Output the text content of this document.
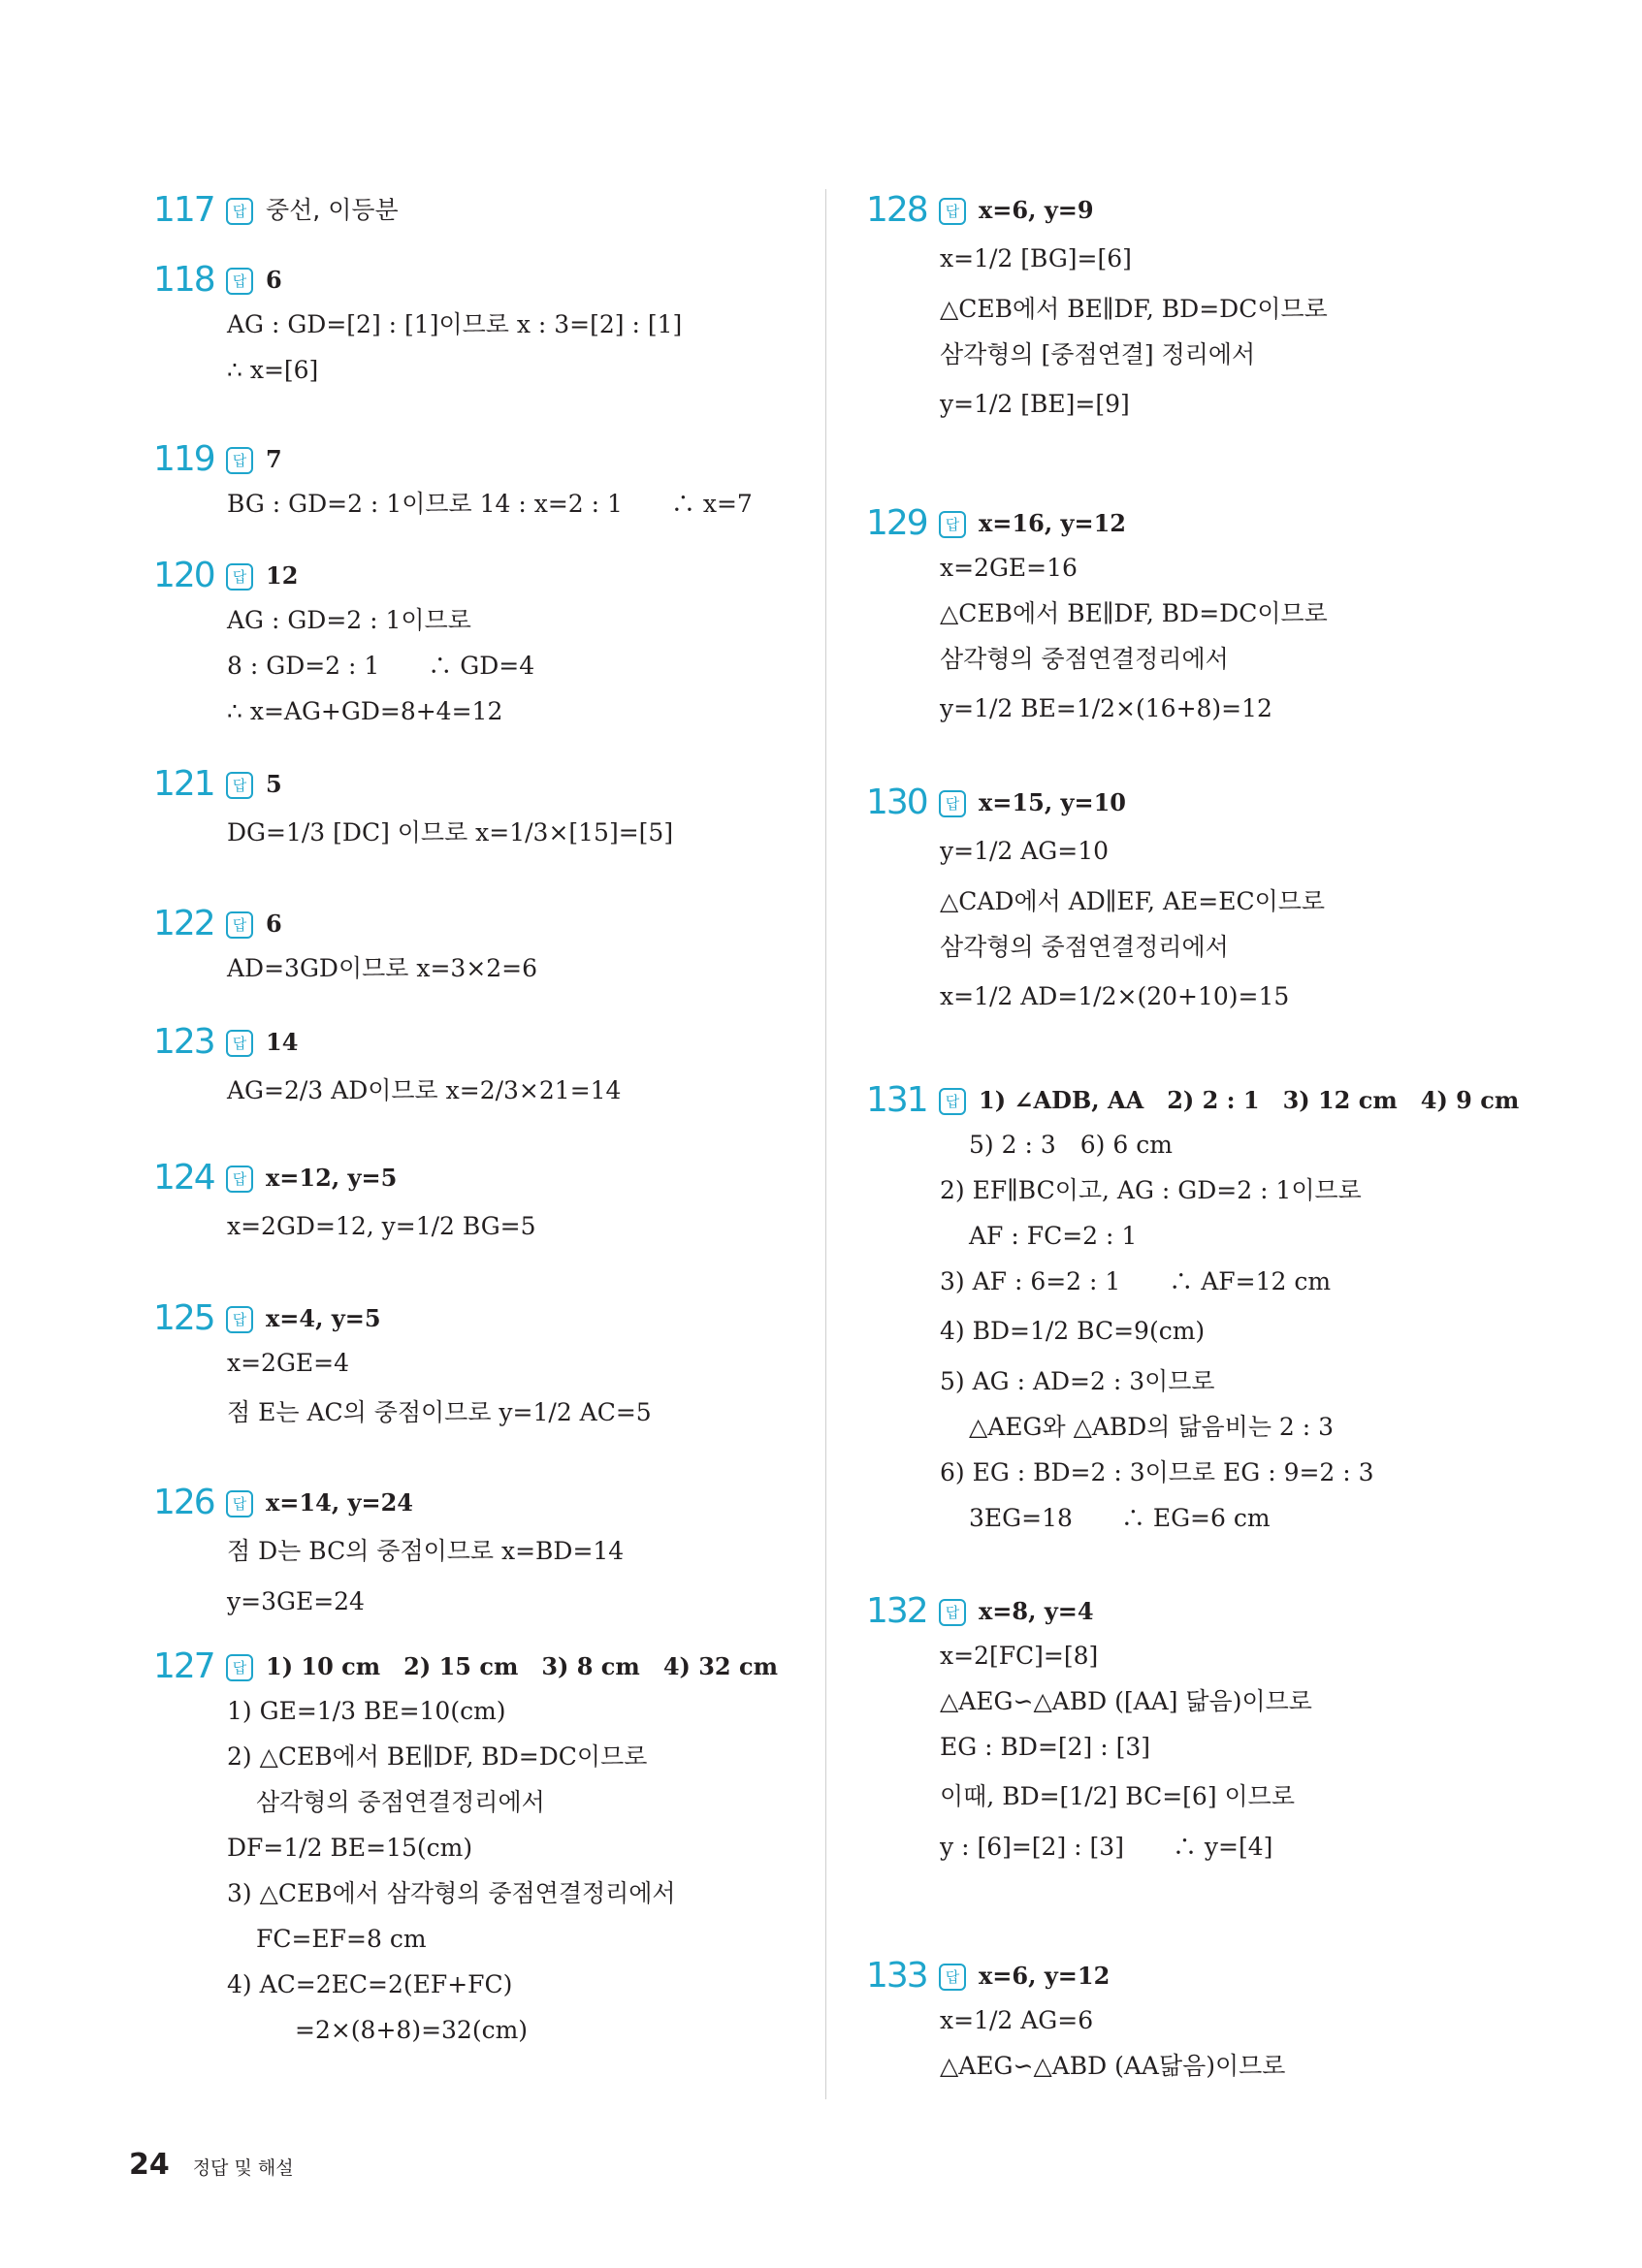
117	답 중선, 이등분
118	답 6
AG : GD=[2] : [1]이므로 x : 3=[2] : [1]
∴ x=[6]
119	답 7
BG : GD=2 : 1이므로 14 : x=2 : 1　　∴ x=7
120	답 12
AG : GD=2 : 1이므로
8 : GD=2 : 1　　∴ GD=4
∴ x=AG+GD=8+4=12
121	답 5
DG=1/3 [DC] 이므로 x=1/3×[15]=[5]
122	답 6
AD=3GD이므로 x=3×2=6
123	답 14
AG=2/3 AD이므로 x=2/3×21=14
124	답 x=12, y=5
x=2GD=12, y=1/2 BG=5
125	답 x=4, y=5
x=2GE=4
점 E는 AC의 중점이므로 y=1/2 AC=5
126	답 x=14, y=24
점 D는 BC의 중점이므로 x=BD=14
y=3GE=24
127	답 1) 10 cm　2) 15 cm　3) 8 cm　4) 32 cm
1) GE=1/3 BE=10(cm)
2) △CEB에서 BE∥DF, BD=DC이므로
삼각형의 중점연결정리에서
DF=1/2 BE=15(cm)
3) △CEB에서 삼각형의 중점연결정리에서
FC=EF=8 cm
4) AC=2EC=2(EF+FC)
=2×(8+8)=32(cm)
128	답 x=6, y=9
x=1/2 [BG]=[6]
△CEB에서 BE∥DF, BD=DC이므로
삼각형의 [중점연결] 정리에서
y=1/2 [BE]=[9]
129	답 x=16, y=12
x=2GE=16
△CEB에서 BE∥DF, BD=DC이므로
삼각형의 중점연결정리에서
y=1/2 BE=1/2×(16+8)=12
130	답 x=15, y=10
y=1/2 AG=10
△CAD에서 AD∥EF, AE=EC이므로
삼각형의 중점연결정리에서
x=1/2 AD=1/2×(20+10)=15
131	답 1) ∠ADB, AA　2) 2 : 1　3) 12 cm　4) 9 cm
5) 2 : 3　6) 6 cm
2) EF∥BC이고, AG : GD=2 : 1이므로
AF : FC=2 : 1
3) AF : 6=2 : 1　　∴ AF=12 cm
4) BD=1/2 BC=9(cm)
5) AG : AD=2 : 3이므로
△AEG와 △ABD의 닮음비는 2 : 3
6) EG : BD=2 : 3이므로 EG : 9=2 : 3
3EG=18　　∴ EG=6 cm
132	답 x=8, y=4
x=2[FC]=[8]
△AEG∽△ABD ([AA] 닮음)이므로
EG : BD=[2] : [3]
이때, BD=[1/2] BC=[6] 이므로
y : [6]=[2] : [3]　　∴ y=[4]
133	답 x=6, y=12
x=1/2 AG=6
△AEG∽△ABD (AA닮음)이므로
24 정답 및 해설
